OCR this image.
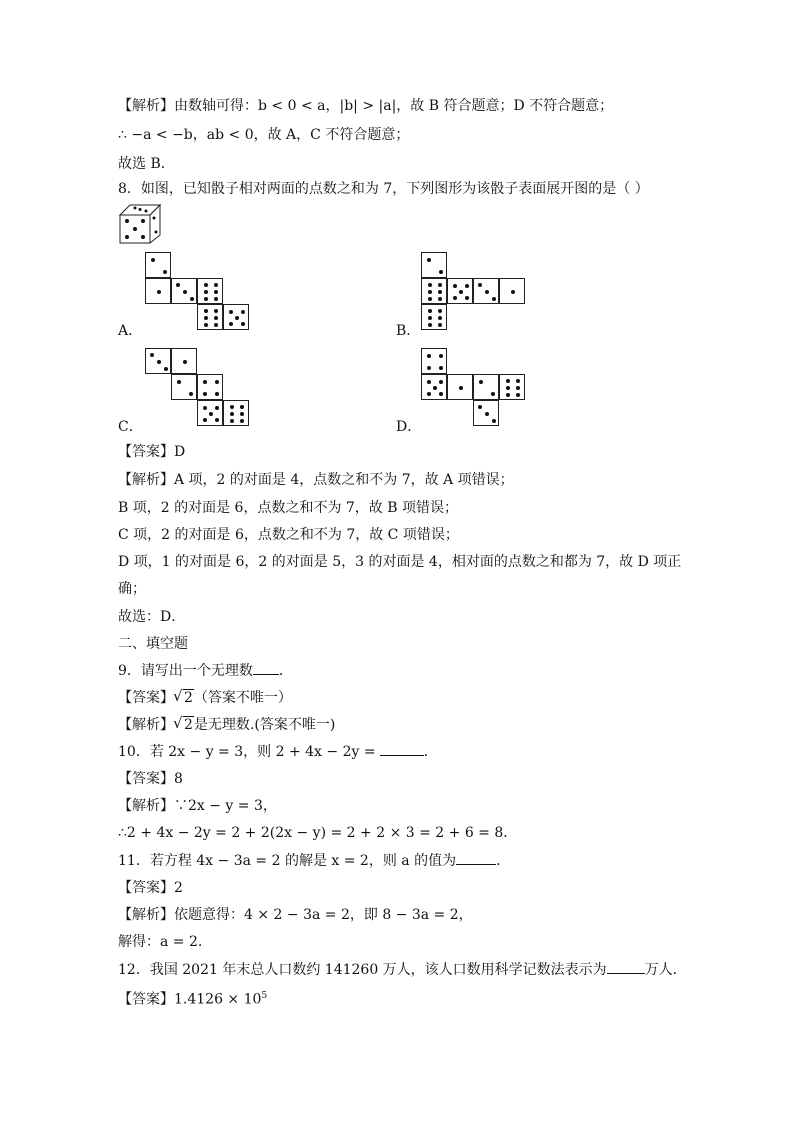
【解析】由数轴可得：b < 0 < a，|b| > |a|，故 B 符合题意；D 不符合题意；
∴ −a < −b，ab < 0，故 A，C 不符合题意；
故选 B．
8．如图，已知骰子相对两面的点数之和为 7，下列图形为该骰子表面展开图的是（ ）
A．	B．
C．	D．
【答案】D
【解析】A 项，2 的对面是 4，点数之和不为 7，故 A 项错误；
B 项，2 的对面是 6，点数之和不为 7，故 B 项错误；
C 项，2 的对面是 6，点数之和不为 7，故 C 项错误；
D 项，1 的对面是 6，2 的对面是 5，3 的对面是 4，相对面的点数之和都为 7，故 D 项正
确；
故选：D．
二、填空题
9．请写出一个无理数 ．
【答案】 √ 2（答案不唯一）
【解析】 √ 2是无理数.(答案不唯一)
10．若 2x − y = 3，则 2 + 4x − 2y =	．
【答案】8
【解析】∵2x − y = 3，
∴2 + 4x − 2y = 2 + 2(2x − y) = 2 + 2 × 3 = 2 + 6 = 8．
11．若方程 4x − 3a = 2 的解是 x = 2，则 a 的值为	．
【答案】2
【解析】依题意得：4 × 2 − 3a = 2，即 8 − 3a = 2，
解得：a = 2.
12．我国 2021 年末总人口数约 141260 万人，该人口数用科学记数法表示为	万人．
【答案】$1.4126 \times 10^5$
